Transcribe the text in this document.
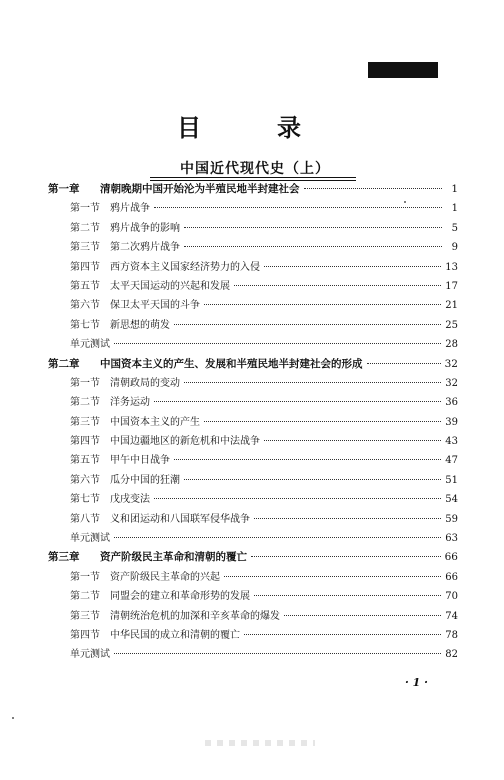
目　录
中国近代现代史（上）
第一章	清朝晚期中国开始沦为半殖民地半封建社会	1
第一节	鸦片战争	1
第二节	鸦片战争的影响	5
第三节	第二次鸦片战争	9
第四节	西方资本主义国家经济势力的入侵	13
第五节	太平天国运动的兴起和发展	17
第六节	保卫太平天国的斗争	21
第七节	新思想的萌发	25
单元测试	28
第二章	中国资本主义的产生、发展和半殖民地半封建社会的形成	32
第一节	清朝政局的变动	32
第二节	洋务运动	36
第三节	中国资本主义的产生	39
第四节	中国边疆地区的新危机和中法战争	43
第五节	甲午中日战争	47
第六节	瓜分中国的狂潮	51
第七节	戊戌变法	54
第八节	义和团运动和八国联军侵华战争	59
单元测试	63
第三章	资产阶级民主革命和清朝的覆亡	66
第一节	资产阶级民主革命的兴起	66
第二节	同盟会的建立和革命形势的发展	70
第三节	清朝统治危机的加深和辛亥革命的爆发	74
第四节	中华民国的成立和清朝的覆亡	78
单元测试	82
· 1 ·
